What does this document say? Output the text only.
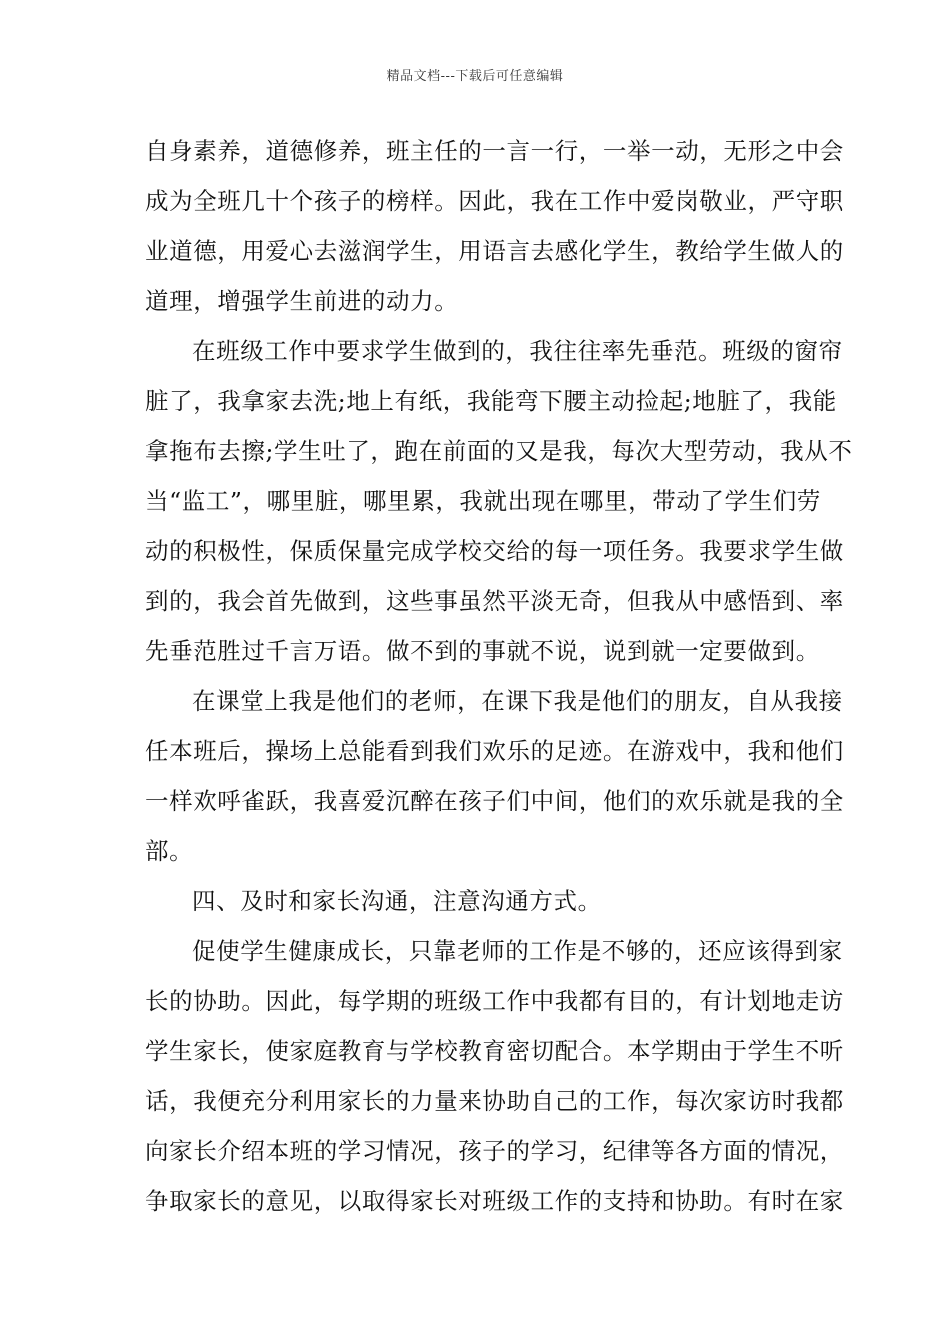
精品文档---下载后可任意编辑
自身素养，道德修养，班主任的一言一行，一举一动，无形之中会
成为全班几十个孩子的榜样。因此，我在工作中爱岗敬业，严守职
业道德，用爱心去滋润学生，用语言去感化学生，教给学生做人的
道理，增强学生前进的动力。
在班级工作中要求学生做到的，我往往率先垂范。班级的窗帘
脏了，我拿家去洗;地上有纸，我能弯下腰主动捡起;地脏了，我能
拿拖布去擦;学生吐了，跑在前面的又是我，每次大型劳动，我从不
当“监工”，哪里脏，哪里累，我就出现在哪里，带动了学生们劳
动的积极性，保质保量完成学校交给的每一项任务。我要求学生做
到的，我会首先做到，这些事虽然平淡无奇，但我从中感悟到、率
先垂范胜过千言万语。做不到的事就不说，说到就一定要做到。
在课堂上我是他们的老师，在课下我是他们的朋友，自从我接
任本班后，操场上总能看到我们欢乐的足迹。在游戏中，我和他们
一样欢呼雀跃，我喜爱沉醉在孩子们中间，他们的欢乐就是我的全
部。
四、及时和家长沟通，注意沟通方式。
促使学生健康成长，只靠老师的工作是不够的，还应该得到家
长的协助。因此，每学期的班级工作中我都有目的，有计划地走访
学生家长，使家庭教育与学校教育密切配合。本学期由于学生不听
话，我便充分利用家长的力量来协助自己的工作，每次家访时我都
向家长介绍本班的学习情况，孩子的学习，纪律等各方面的情况，
争取家长的意见，以取得家长对班级工作的支持和协助。有时在家
